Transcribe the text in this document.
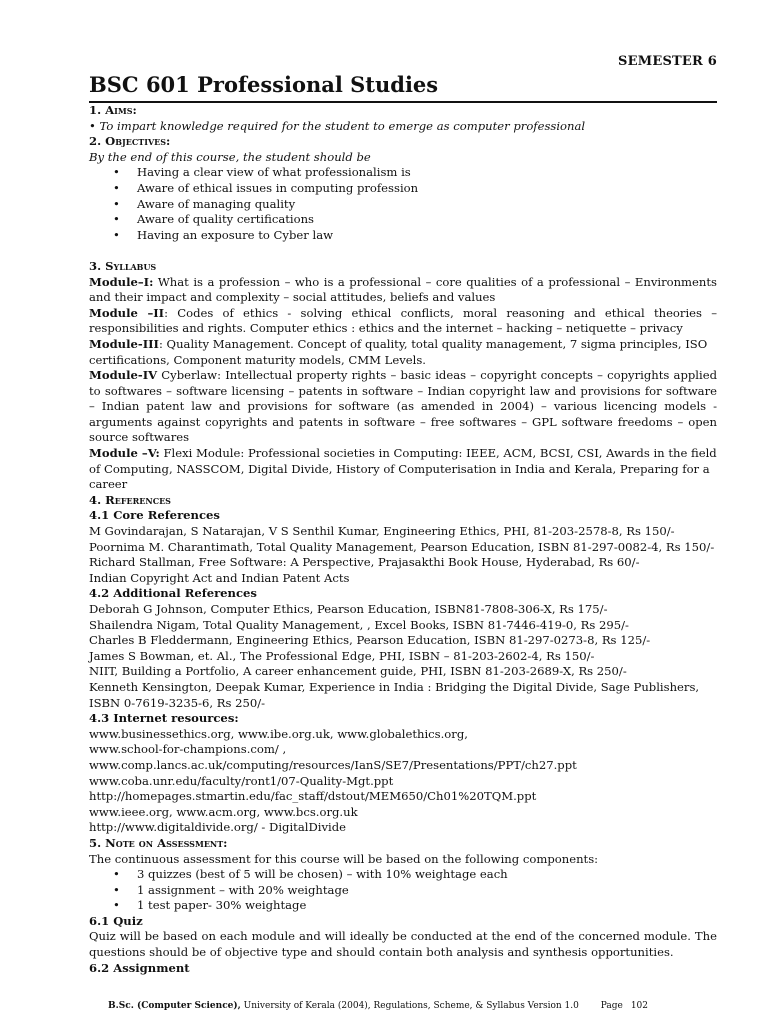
SEMESTER 6
BSC 601 Professional Studies
1. Aims:
• To impart knowledge required for the student to emerge as computer professional
2. Objectives:
By the end of this course, the student should be
• Having a clear view of what professionalism is
• Aware of ethical issues in computing profession
• Aware of managing quality
• Aware of quality certifications
• Having an exposure to Cyber law
3. Syllabus
Module–I: What is a profession – who is a professional – core qualities of a professional – Environments and their impact and complexity – social attitudes, beliefs and values
Module –II: Codes of ethics - solving ethical conflicts, moral reasoning and ethical theories – responsibilities and rights. Computer ethics : ethics and the internet – hacking – netiquette – privacy
Module-III: Quality Management. Concept of quality, total quality management, 7 sigma principles, ISO certifications, Component maturity models, CMM Levels.
Module-IV Cyberlaw: Intellectual property rights – basic ideas – copyright concepts – copyrights applied to softwares – software licensing – patents in software – Indian copyright law and provisions for software – Indian patent law and provisions for software (as amended in 2004) – various licencing models - arguments against copyrights and patents in software – free softwares – GPL software freedoms – open source softwares
Module –V: Flexi Module: Professional societies in Computing: IEEE, ACM, BCSI, CSI, Awards in the field of Computing, NASSCOM, Digital Divide, History of Computerisation in India and Kerala, Preparing for a career
4. References
4.1 Core References
M Govindarajan, S Natarajan, V S Senthil Kumar, Engineering Ethics, PHI, 81-203-2578-8, Rs 150/-
Poornima M. Charantimath, Total Quality Management, Pearson Education, ISBN 81-297-0082-4, Rs 150/-
Richard Stallman, Free Software: A Perspective, Prajasakthi Book House, Hyderabad, Rs 60/-
Indian Copyright Act and Indian Patent Acts
4.2 Additional References
Deborah G Johnson, Computer Ethics, Pearson Education, ISBN81-7808-306-X, Rs 175/-
Shailendra Nigam, Total Quality Management, , Excel Books, ISBN 81-7446-419-0, Rs 295/-
Charles B Fleddermann, Engineering Ethics, Pearson Education, ISBN 81-297-0273-8, Rs 125/-
James S Bowman, et. Al., The Professional Edge, PHI, ISBN – 81-203-2602-4, Rs 150/-
NIIT, Building a Portfolio, A career enhancement guide, PHI, ISBN 81-203-2689-X, Rs 250/-
Kenneth Kensington, Deepak Kumar, Experience in India : Bridging the Digital Divide, Sage Publishers, ISBN 0-7619-3235-6, Rs 250/-
4.3 Internet resources:
www.businessethics.org, www.ibe.org.uk, www.globalethics.org,
www.school-for-champions.com/ ,
www.comp.lancs.ac.uk/computing/resources/IanS/SE7/Presentations/PPT/ch27.ppt
www.coba.unr.edu/faculty/ront1/07-Quality-Mgt.ppt
http://homepages.stmartin.edu/fac_staff/dstout/MEM650/Ch01%20TQM.ppt
www.ieee.org, www.acm.org, www.bcs.org.uk
http://www.digitaldivide.org/ - DigitalDivide
5. Note on Assessment:
The continuous assessment for this course will be based on the following components:
• 3 quizzes (best of 5 will be chosen) – with 10% weightage each
• 1 assignment – with 20% weightage
• 1 test paper- 30% weightage
6.1 Quiz
Quiz will be based on each module and will ideally be conducted at the end of the concerned module. The questions should be of objective type and should contain both analysis and synthesis opportunities.
6.2 Assignment
B.Sc. (Computer Science), University of Kerala (2004), Regulations, Scheme, & Syllabus Version 1.0	Page 102
